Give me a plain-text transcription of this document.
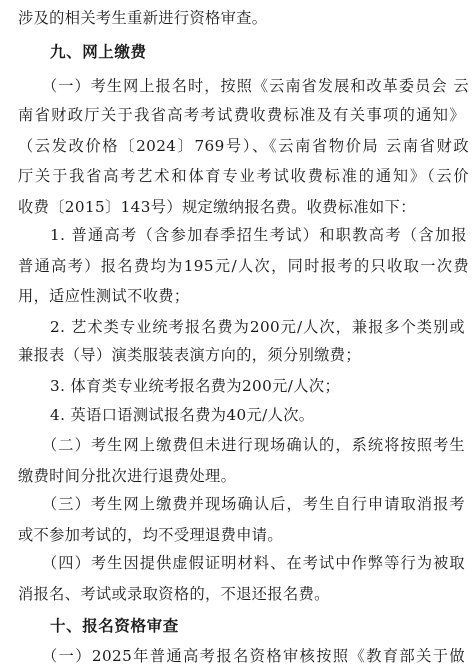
涉及的相关考生重新进行资格审查。
九、网上缴费
（一）考生网上报名时，按照《云南省发展和改革委员会 云
南省财政厅关于我省高考考试费收费标准及有关事项的通知》
（云发改价格〔2024〕769号）、《云南省物价局 云南省财政
厅关于我省高考艺术和体育专业考试收费标准的通知》（云价
收费〔2015〕143号）规定缴纳报名费。收费标准如下：
1. 普通高考（含参加春季招生考试）和职教高考（含加报
普通高考）报名费均为195元/人次，同时报考的只收取一次费
用，适应性测试不收费；
2. 艺术类专业统考报名费为200元/人次，兼报多个类别或
兼报表（导）演类服装表演方向的，须分别缴费；
3. 体育类专业统考报名费为200元/人次；
4. 英语口语测试报名费为40元/人次。
（二）考生网上缴费但未进行现场确认的，系统将按照考生
缴费时间分批次进行退费处理。
（三）考生网上缴费并现场确认后，考生自行申请取消报考
或不参加考试的，均不受理退费申请。
（四）考生因提供虚假证明材料、在考试中作弊等行为被取
消报名、考试或录取资格的，不退还报名费。
十、报名资格审查
（一）2025年普通高考报名资格审核按照《教育部关于做
